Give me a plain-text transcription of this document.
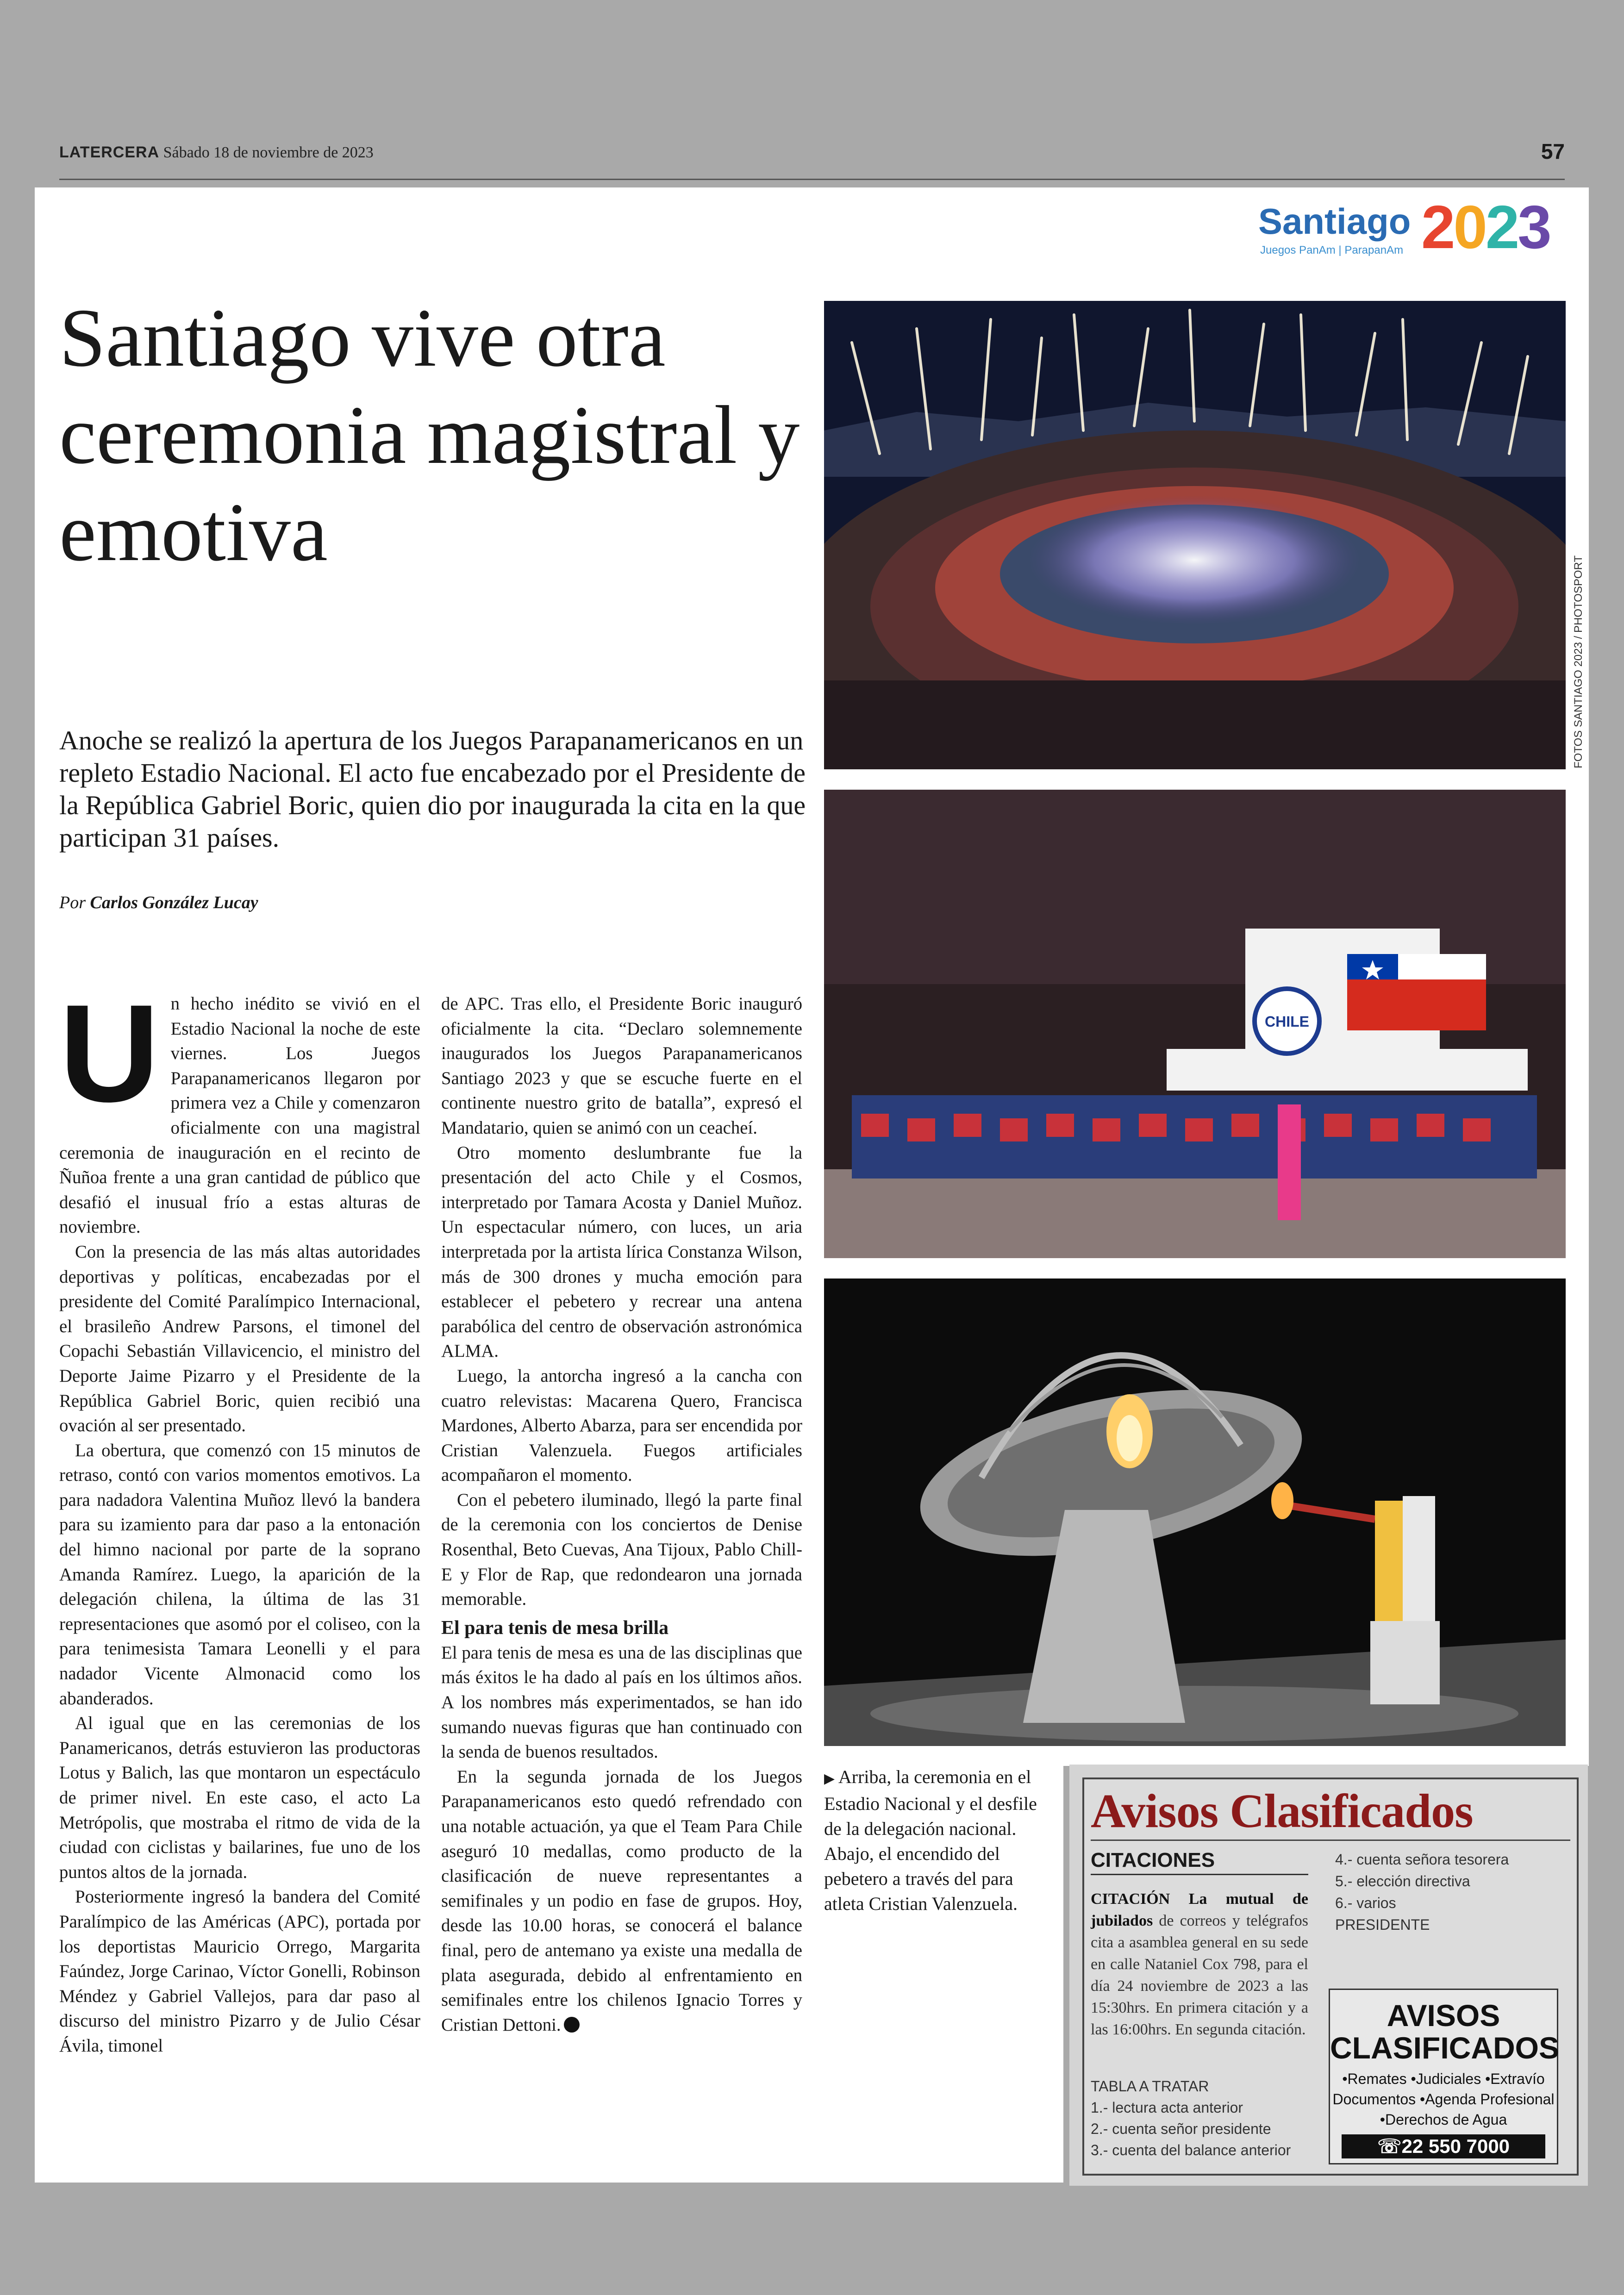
LATERCERA Sábado 18 de noviembre de 2023	57
Santiago 2023
Juegos PanAm | ParapanAm
Santiago vive otra ceremonia magistral y emotiva

Anoche se realizó la apertura de los Juegos Parapanamericanos en un repleto Estadio Nacional. El acto fue encabezado por el Presidente de la República Gabriel Boric, quien dio por inaugurada la cita en la que participan 31 países.

Por Carlos González Lucay
U n hecho inédito se vivió en el Estadio Nacional la noche de este viernes. Los Juegos Parapanamericanos llegaron por primera vez a Chile y comenzaron oficialmente con una magistral ceremonia de inauguración en el recinto de Ñuñoa frente a una gran cantidad de público que desafió el inusual frío a estas alturas de noviembre.

Con la presencia de las más altas autoridades deportivas y políticas, encabezadas por el presidente del Comité Paralímpico Internacional, el brasileño Andrew Parsons, el timonel del Copachi Sebastián Villavicencio, el ministro del Deporte Jaime Pizarro y el Presidente de la República Gabriel Boric, quien recibió una ovación al ser presentado.

La obertura, que comenzó con 15 minutos de retraso, contó con varios momentos emotivos. La para nadadora Valentina Muñoz llevó la bandera para su izamiento para dar paso a la entonación del himno nacional por parte de la soprano Amanda Ramírez. Luego, la aparición de la delegación chilena, la última de las 31 representaciones que asomó por el coliseo, con la para tenimesista Tamara Leonelli y el para nadador Vicente Almonacid como los abanderados.

Al igual que en las ceremonias de los Panamericanos, detrás estuvieron las productoras Lotus y Balich, las que montaron un espectáculo de primer nivel. En este caso, el acto La Metrópolis, que mostraba el ritmo de vida de la ciudad con ciclistas y bailarines, fue uno de los puntos altos de la jornada.

Posteriormente ingresó la bandera del Comité Paralímpico de las Américas (APC), portada por los deportistas Mauricio Orrego, Margarita Faúndez, Jorge Carinao, Víctor Gonelli, Robinson Méndez y Gabriel Vallejos, para dar paso al discurso del ministro Pizarro y de Julio César Ávila, timonel

de APC. Tras ello, el Presidente Boric inauguró oficialmente la cita. “Declaro solemnemente inaugurados los Juegos Parapanamericanos Santiago 2023 y que se escuche fuerte en el continente nuestro grito de batalla”, expresó el Mandatario, quien se animó con un ceacheí.

Otro momento deslumbrante fue la presentación del acto Chile y el Cosmos, interpretado por Tamara Acosta y Daniel Muñoz. Un espectacular número, con luces, un aria interpretada por la artista lírica Constanza Wilson, más de 300 drones y mucha emoción para establecer el pebetero y recrear una antena parabólica del centro de observación astronómica ALMA.

Luego, la antorcha ingresó a la cancha con cuatro relevistas: Macarena Quero, Francisca Mardones, Alberto Abarza, para ser encendida por Cristian Valenzuela. Fuegos artificiales acompañaron el momento.

Con el pebetero iluminado, llegó la parte final de la ceremonia con los conciertos de Denise Rosenthal, Beto Cuevas, Ana Tijoux, Pablo Chill-E y Flor de Rap, que redondearon una jornada memorable.

El para tenis de mesa brilla

El para tenis de mesa es una de las disciplinas que más éxitos le ha dado al país en los últimos años. A los nombres más experimentados, se han ido sumando nuevas figuras que han continuado con la senda de buenos resultados.

En la segunda jornada de los Juegos Parapanamericanos esto quedó refrendado con una notable actuación, ya que el Team Para Chile aseguró 10 medallas, como producto de la clasificación de nueve representantes a semifinales y un podio en fase de grupos. Hoy, desde las 10.00 horas, se conocerá el balance final, pero de antemano ya existe una medalla de plata asegurada, debido al enfrentamiento en semifinales entre los chilenos Ignacio Torres y Cristian Dettoni.

CHILE
FOTOS SANTIAGO 2023 / PHOTOSPORT
▶ Arriba, la ceremonia en el Estadio Nacional y el desfile de la delegación nacional. Abajo, el encendido del pebetero a través del para atleta Cristian Valenzuela.
Avisos Clasificados
CITACIONES
CITACIÓN La mutual de jubilados de correos y telégrafos cita a asamblea general en su sede en calle Nataniel Cox 798, para el día 24 noviembre de 2023 a las 15:30hrs. En primera citación y a las 16:00hrs. En segunda citación.
TABLA A TRATAR
1.- lectura acta anterior
2.- cuenta señor presidente
3.- cuenta del balance anterior
4.- cuenta señora tesorera
5.- elección directiva
6.- varios
PRESIDENTE
AVISOS CLASIFICADOS
•Remates •Judiciales •Extravío
Documentos •Agenda Profesional
•Derechos de Agua
☏22 550 7000
